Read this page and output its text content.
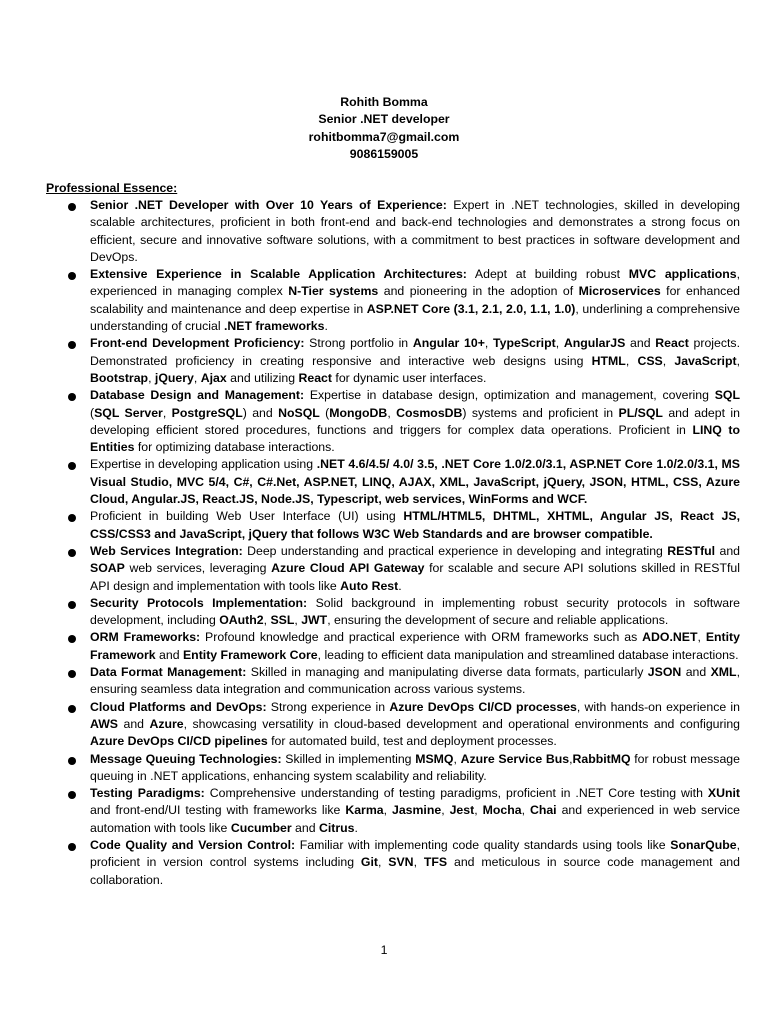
Rohith Bomma
Senior .NET developer
rohitbomma7@gmail.com
9086159005
Professional Essence:
Senior .NET Developer with Over 10 Years of Experience: Expert in .NET technologies, skilled in developing scalable architectures, proficient in both front-end and back-end technologies and demonstrates a strong focus on efficient, secure and innovative software solutions, with a commitment to best practices in software development and DevOps.
Extensive Experience in Scalable Application Architectures: Adept at building robust MVC applications, experienced in managing complex N-Tier systems and pioneering in the adoption of Microservices for enhanced scalability and maintenance and deep expertise in ASP.NET Core (3.1, 2.1, 2.0, 1.1, 1.0), underlining a comprehensive understanding of crucial .NET frameworks.
Front-end Development Proficiency: Strong portfolio in Angular 10+, TypeScript, AngularJS and React projects. Demonstrated proficiency in creating responsive and interactive web designs using HTML, CSS, JavaScript, Bootstrap, jQuery, Ajax and utilizing React for dynamic user interfaces.
Database Design and Management: Expertise in database design, optimization and management, covering SQL (SQL Server, PostgreSQL) and NoSQL (MongoDB, CosmosDB) systems and proficient in PL/SQL and adept in developing efficient stored procedures, functions and triggers for complex data operations. Proficient in LINQ to Entities for optimizing database interactions.
Expertise in developing application using .NET 4.6/4.5/ 4.0/ 3.5, .NET Core 1.0/2.0/3.1, ASP.NET Core 1.0/2.0/3.1, MS Visual Studio, MVC 5/4, C#, C#.Net, ASP.NET, LINQ, AJAX, XML, JavaScript, jQuery, JSON, HTML, CSS, Azure Cloud, Angular.JS, React.JS, Node.JS, Typescript, web services, WinForms and WCF.
Proficient in building Web User Interface (UI) using HTML/HTML5, DHTML, XHTML, Angular JS, React JS, CSS/CSS3 and JavaScript, jQuery that follows W3C Web Standards and are browser compatible.
Web Services Integration: Deep understanding and practical experience in developing and integrating RESTful and SOAP web services, leveraging Azure Cloud API Gateway for scalable and secure API solutions skilled in RESTful API design and implementation with tools like Auto Rest.
Security Protocols Implementation: Solid background in implementing robust security protocols in software development, including OAuth2, SSL, JWT, ensuring the development of secure and reliable applications.
ORM Frameworks: Profound knowledge and practical experience with ORM frameworks such as ADO.NET, Entity Framework and Entity Framework Core, leading to efficient data manipulation and streamlined database interactions.
Data Format Management: Skilled in managing and manipulating diverse data formats, particularly JSON and XML, ensuring seamless data integration and communication across various systems.
Cloud Platforms and DevOps: Strong experience in Azure DevOps CI/CD processes, with hands-on experience in AWS and Azure, showcasing versatility in cloud-based development and operational environments and configuring Azure DevOps CI/CD pipelines for automated build, test and deployment processes.
Message Queuing Technologies: Skilled in implementing MSMQ, Azure Service Bus,RabbitMQ for robust message queuing in .NET applications, enhancing system scalability and reliability.
Testing Paradigms: Comprehensive understanding of testing paradigms, proficient in .NET Core testing with XUnit and front-end/UI testing with frameworks like Karma, Jasmine, Jest, Mocha, Chai and experienced in web service automation with tools like Cucumber and Citrus.
Code Quality and Version Control: Familiar with implementing code quality standards using tools like SonarQube, proficient in version control systems including Git, SVN, TFS and meticulous in source code management and collaboration.
1
